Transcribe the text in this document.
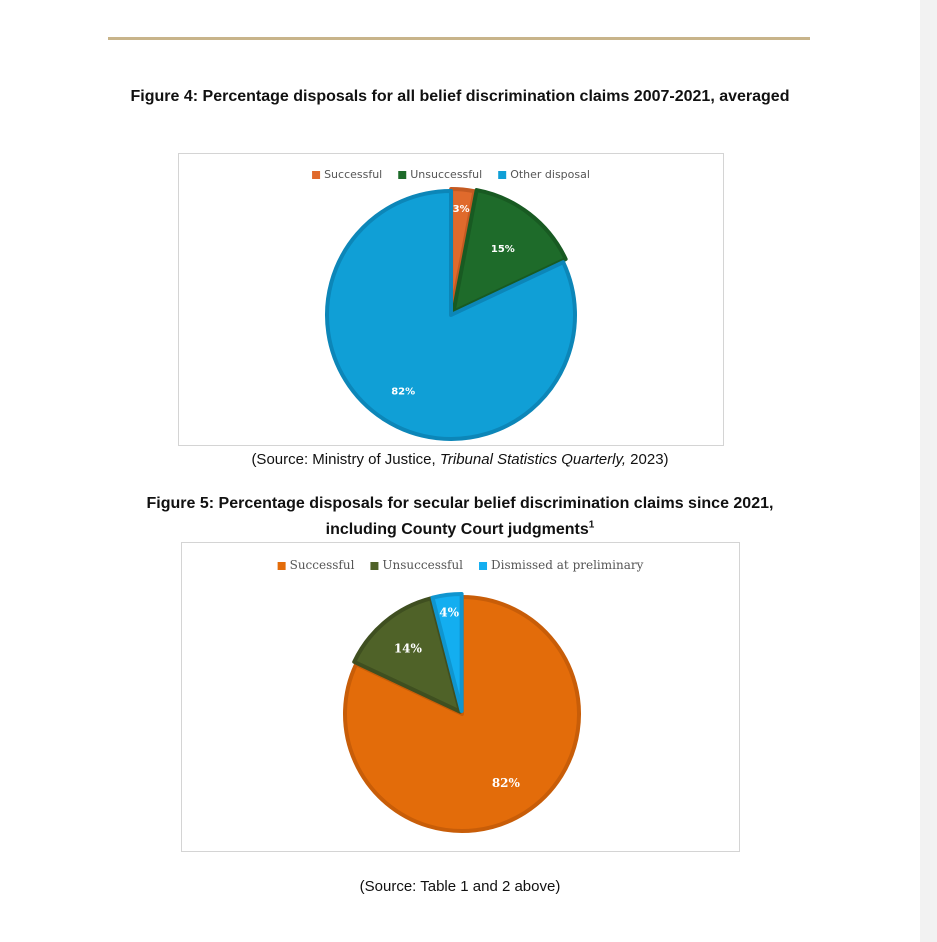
Figure 4: Percentage disposals for all belief discrimination claims 2007-2021, averaged
Successful	Unsuccessful	Other disposal
3%
15%
82%
(Source: Ministry of Justice, Tribunal Statistics Quarterly, 2023)
Figure 5: Percentage disposals for secular belief discrimination claims since 2021,
including County Court judgments$^1$
Successful Unsuccessful Dismissed at preliminary
82%
14%
4%
(Source: Table 1 and 2 above)
